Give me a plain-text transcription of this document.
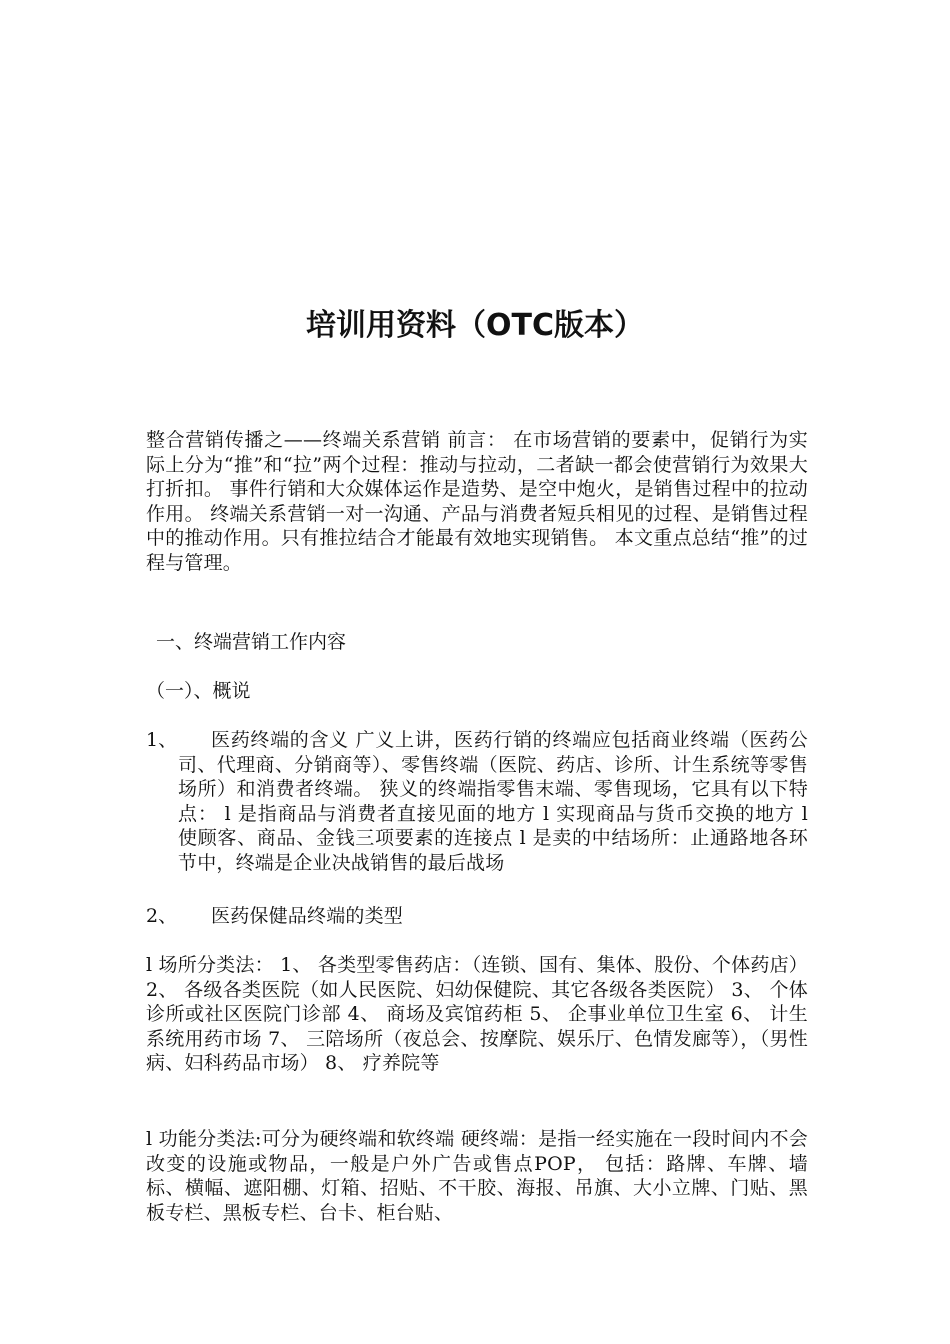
培训用资料（OTC版本）

整合营销传播之——终端关系营销 前言： 在市场营销的要素中，促销行为实际上分为“推”和“拉”两个过程：推动与拉动，二者缺一都会使营销行为效果大打折扣。 事件行销和大众媒体运作是造势、是空中炮火，是销售过程中的拉动作用。 终端关系营销一对一沟通、产品与消费者短兵相见的过程、是销售过程中的推动作用。只有推拉结合才能最有效地实现销售。 本文重点总结“推”的过程与管理。

一、终端营销工作内容

（一）、概说

1、	医药终端的含义 广义上讲，医药行销的终端应包括商业终端（医药公司、代理商、分销商等）、零售终端（医院、药店、诊所、计生系统等零售场所）和消费者终端。 狭义的终端指零售末端、零售现场，它具有以下特点： l 是指商品与消费者直接见面的地方 l 实现商品与货币交换的地方 l 使顾客、商品、金钱三项要素的连接点 l 是卖的中结场所：止通路地各环节中，终端是企业决战销售的最后战场
2、	医药保健品终端的类型

l 场所分类法： 1、 各类型零售药店：（连锁、国有、集体、股份、个体药店） 2、 各级各类医院（如人民医院、妇幼保健院、其它各级各类医院） 3、 个体诊所或社区医院门诊部 4、 商场及宾馆药柜 5、 企事业单位卫生室 6、 计生系统用药市场 7、 三陪场所（夜总会、按摩院、娱乐厅、色情发廊等），（男性病、妇科药品市场） 8、 疗养院等

l 功能分类法:可分为硬终端和软终端 硬终端：是指一经实施在一段时间内不会改变的设施或物品，一般是户外广告或售点POP， 包括：路牌、车牌、墙标、横幅、遮阳棚、灯箱、招贴、不干胶、海报、吊旗、大小立牌、门贴、黑板专栏、黑板专栏、台卡、柜台贴、
